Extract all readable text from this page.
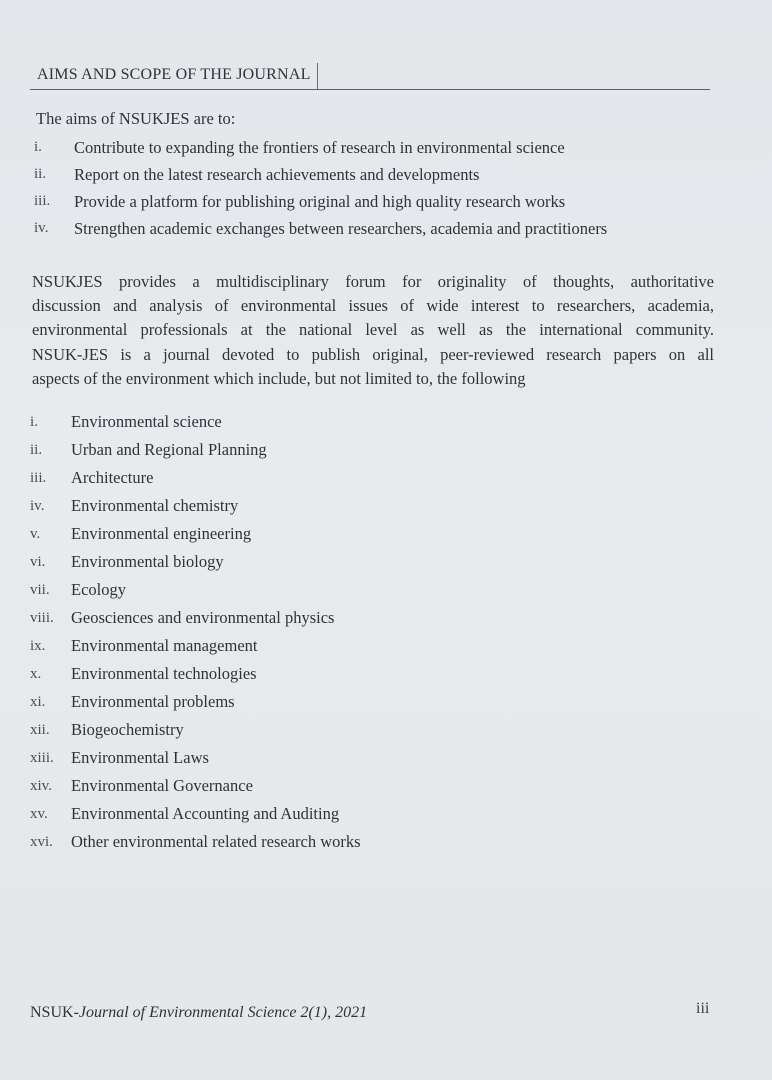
AIMS AND SCOPE OF THE JOURNAL
The aims of NSUKJES are to:
i. Contribute to expanding the frontiers of research in environmental science
ii. Report on the latest research achievements and developments
iii. Provide a platform for publishing original and high quality research works
iv. Strengthen academic exchanges between researchers, academia and practitioners
NSUKJES provides a multidisciplinary forum for originality of thoughts, authoritative
discussion and analysis of environmental issues of wide interest to researchers, academia,
environmental professionals at the national level as well as the international community.
NSUK-JES is a journal devoted to publish original, peer-reviewed research papers on all
aspects of the environment which include, but not limited to, the following
i. Environmental science
ii. Urban and Regional Planning
iii. Architecture
iv. Environmental chemistry
v. Environmental engineering
vi. Environmental biology
vii. Ecology
viii. Geosciences and environmental physics
ix. Environmental management
x. Environmental technologies
xi. Environmental problems
xii. Biogeochemistry
xiii. Environmental Laws
xiv. Environmental Governance
xv. Environmental Accounting and Auditing
xvi. Other environmental related research works
NSUK-Journal of Environmental Science 2(1), 2021	iii
